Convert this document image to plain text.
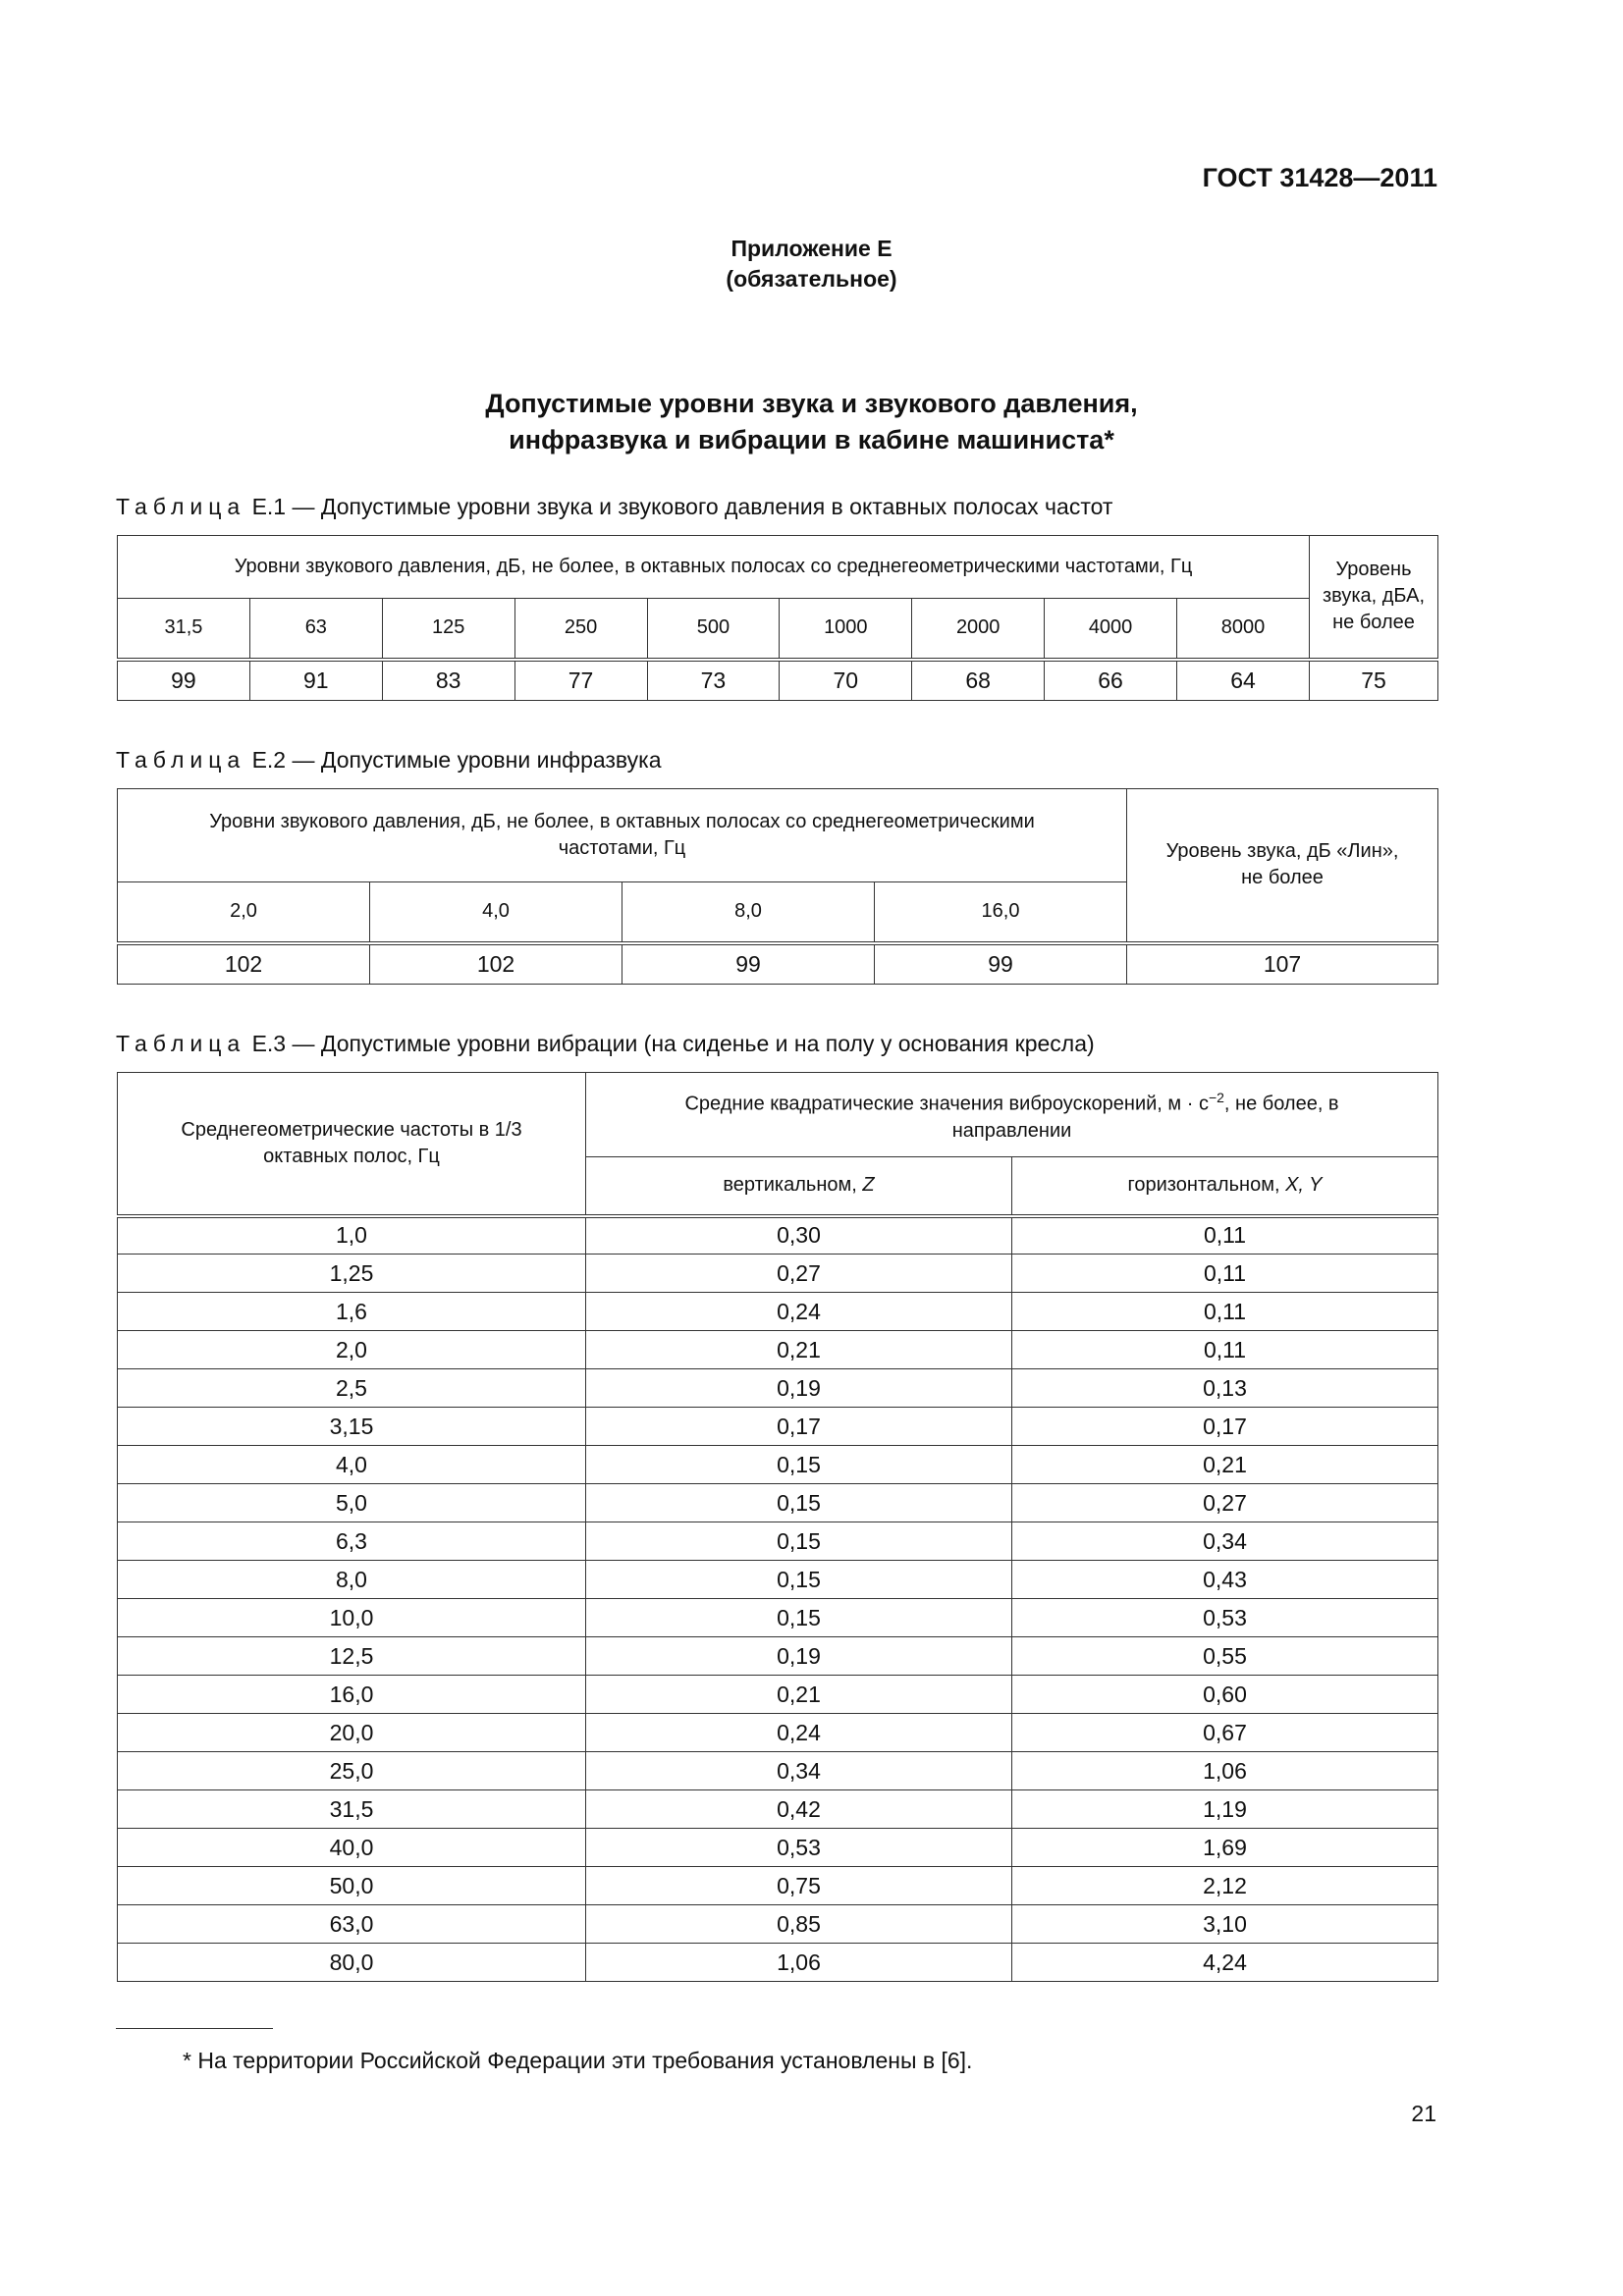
ГОСТ 31428—2011
Приложение Е
(обязательное)
Допустимые уровни звука и звукового давления,
инфразвука и вибрации в кабине машиниста*
Таблица Е.1 — Допустимые уровни звука и звукового давления в октавных полосах частот
Уровни звукового давления, дБ, не более, в октавных полосах со среднегеометрическими частотами, Гц									Уровень звука, дБА, не более
31,5	63	125	250	500	1000	2000	4000	8000	
99	91	83	77	73	70	68	66	64	75
Таблица Е.2 — Допустимые уровни инфразвука
Уровни звукового давления, дБ, не более, в октавных полосах со среднегеометрическими частотами, Гц				Уровень звука, дБ «Лин», не более
2,0	4,0	8,0	16,0	
102	102	99	99	107
Таблица Е.3 — Допустимые уровни вибрации (на сиденье и на полу у основания кресла)
Среднегеометрические частоты в 1/3 октавных полос, Гц	Средние квадратические значения виброускорений, $м \cdot с^{-2}$, не более, в направлении	
	вертикальном, Z	горизонтальном, X, Y
1,0	0,30	0,11
1,25	0,27	0,11
1,6	0,24	0,11
2,0	0,21	0,11
2,5	0,19	0,13
3,15	0,17	0,17
4,0	0,15	0,21
5,0	0,15	0,27
6,3	0,15	0,34
8,0	0,15	0,43
10,0	0,15	0,53
12,5	0,19	0,55
16,0	0,21	0,60
20,0	0,24	0,67
25,0	0,34	1,06
31,5	0,42	1,19
40,0	0,53	1,69
50,0	0,75	2,12
63,0	0,85	3,10
80,0	1,06	4,24
* На территории Российской Федерации эти требования установлены в [6].
21
